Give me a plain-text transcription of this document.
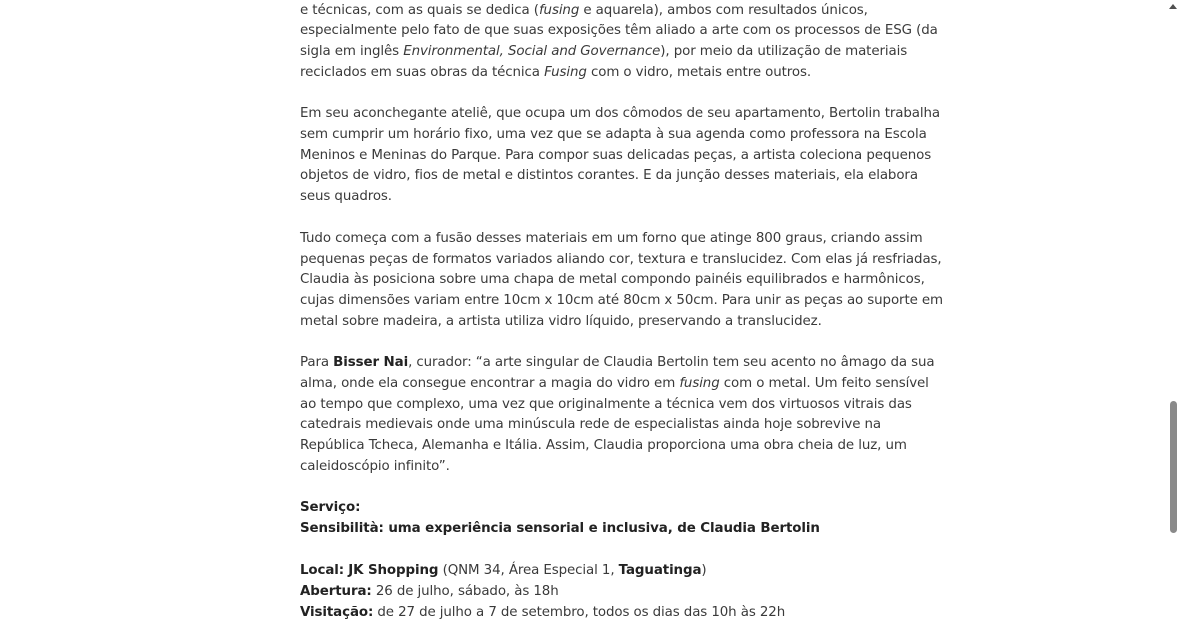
e técnicas, com as quais se dedica (fusing e aquarela), ambos com resultados únicos,
especialmente pelo fato de que suas exposições têm aliado a arte com os processos de ESG (da
sigla em inglês Environmental, Social and Governance), por meio da utilização de materiais
reciclados em suas obras da técnica Fusing com o vidro, metais entre outros.

Em seu aconchegante ateliê, que ocupa um dos cômodos de seu apartamento, Bertolin trabalha
sem cumprir um horário fixo, uma vez que se adapta à sua agenda como professora na Escola
Meninos e Meninas do Parque. Para compor suas delicadas peças, a artista coleciona pequenos
objetos de vidro, fios de metal e distintos corantes. E da junção desses materiais, ela elabora
seus quadros.

Tudo começa com a fusão desses materiais em um forno que atinge 800 graus, criando assim
pequenas peças de formatos variados aliando cor, textura e translucidez. Com elas já resfriadas,
Claudia às posiciona sobre uma chapa de metal compondo painéis equilibrados e harmônicos,
cujas dimensões variam entre 10cm x 10cm até 80cm x 50cm. Para unir as peças ao suporte em
metal sobre madeira, a artista utiliza vidro líquido, preservando a translucidez.

Para Bisser Nai, curador: “a arte singular de Claudia Bertolin tem seu acento no âmago da sua
alma, onde ela consegue encontrar a magia do vidro em fusing com o metal. Um feito sensível
ao tempo que complexo, uma vez que originalmente a técnica vem dos virtuosos vitrais das
catedrais medievais onde uma minúscula rede de especialistas ainda hoje sobrevive na
República Tcheca, Alemanha e Itália. Assim, Claudia proporciona uma obra cheia de luz, um
caleidoscópio infinito”.

Serviço:
Sensibilità: uma experiência sensorial e inclusiva, de Claudia Bertolin

Local: JK Shopping (QNM 34, Área Especial 1, Taguatinga)
Abertura: 26 de julho, sábado, às 18h
Visitação: de 27 de julho a 7 de setembro, todos os dias das 10h às 22h
